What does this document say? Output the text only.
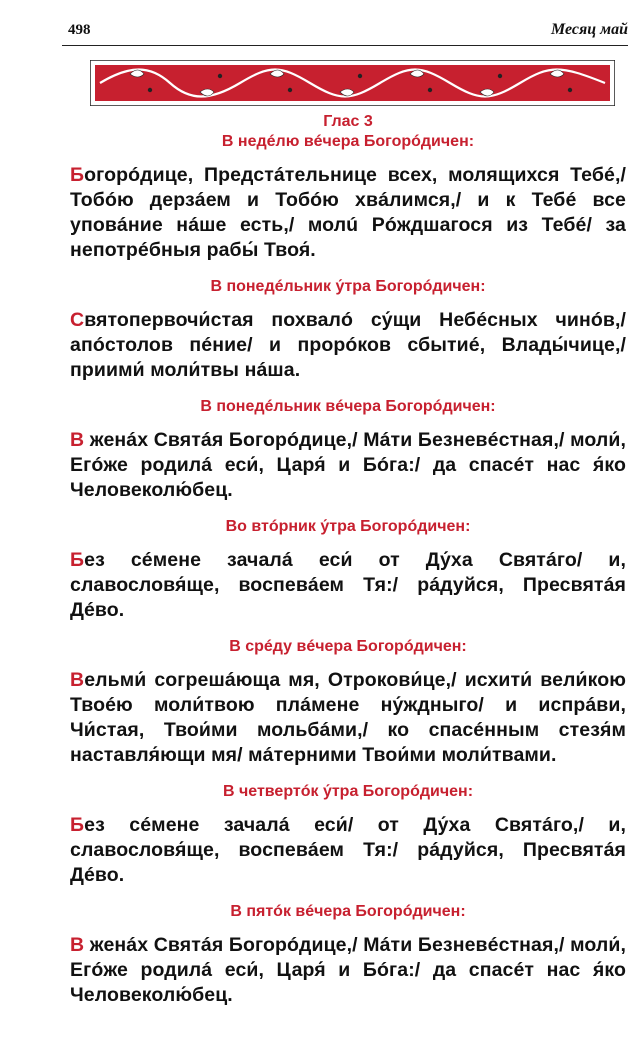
498	Месяц май

Глас 3

В недéлю вéчера Богорóдичен:

Богорóдице, Предстáтельнице всех, молящихся Тебé,/ Тобóю дерзáем и Тобóю хвáлимся,/ и к Тебé все уповáние нáше есть,/ молú Рóждшагося из Тебé/ за непотрéбныя рабы́ Твоя́.

В понедéльник у́тра Богорóдичен:

Святопервочи́стая похвалó су́щи Небéсных чинóв,/ апóстолов пéние/ и прорóков сбытиé, Влады́чице,/ приими́ моли́твы нáша.

В понедéльник вéчера Богорóдичен:

В женáх Святáя Богорóдице,/ Мáти Безневéстная,/ моли́, Егóже родилá еси́, Царя́ и Бóга:/ да спасéт нас я́ко Человеколю́бец.

Во втóрник у́тра Богорóдичен:

Без сéмене зачалá еси́ от Ду́ха Святáго/ и, славословя́ще, воспевáем Тя:/ рáдуйся, Пресвятáя Дéво.

В срéду вéчера Богорóдичен:

Вельми́ согрешáюща мя, Отрокови́це,/ исхити́ вели́кою Твоéю моли́твою плáмене ну́ждныго/ и испрáви, Чи́стая, Твои́ми мольбáми,/ ко спасéнным стезя́м наставля́ющи мя/ мáтерними Твои́ми моли́твами.

В четвертóк у́тра Богорóдичен:

Без сéмене зачалá еси́/ от Ду́ха Святáго,/ и, славословя́ще, воспевáем Тя:/ рáдуйся, Пресвятáя Дéво.

В пятóк вéчера Богорóдичен:

В женáх Святáя Богорóдице,/ Мáти Безневéстная,/ моли́, Егóже родилá еси́, Царя́ и Бóга:/ да спасéт нас я́ко Человеколю́бец.
